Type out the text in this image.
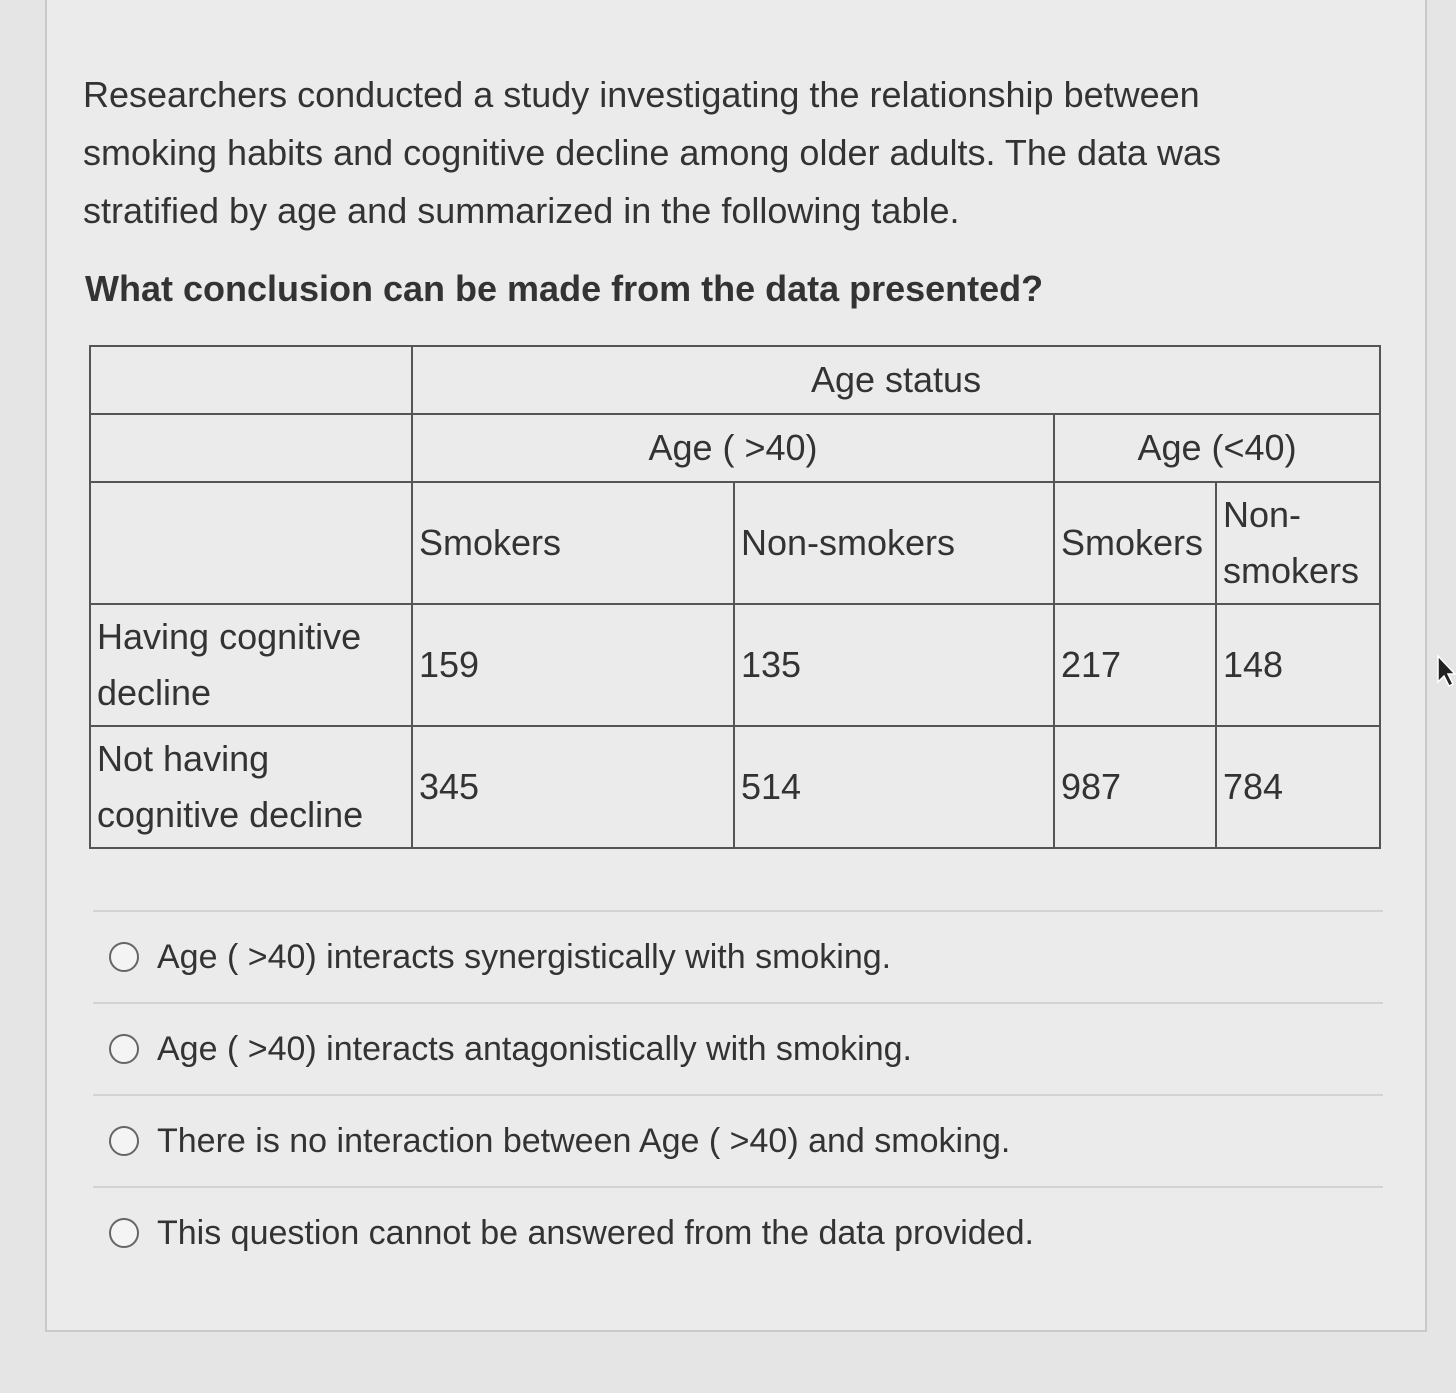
Researchers conducted a study investigating the relationship between smoking habits and cognitive decline among older adults. The data was stratified by age and summarized in the following table.

What conclusion can be made from the data presented?

	Age status			
	Age ( >40)		Age (<40)	
	Smokers	Non-smokers	Smokers	Non-smokers
Having cognitive decline	159	135	217	148
Not having cognitive decline	345	514	987	784
Age ( >40) interacts synergistically with smoking.
Age ( >40) interacts antagonistically with smoking.
There is no interaction between Age ( >40) and smoking.
This question cannot be answered from the data provided.
